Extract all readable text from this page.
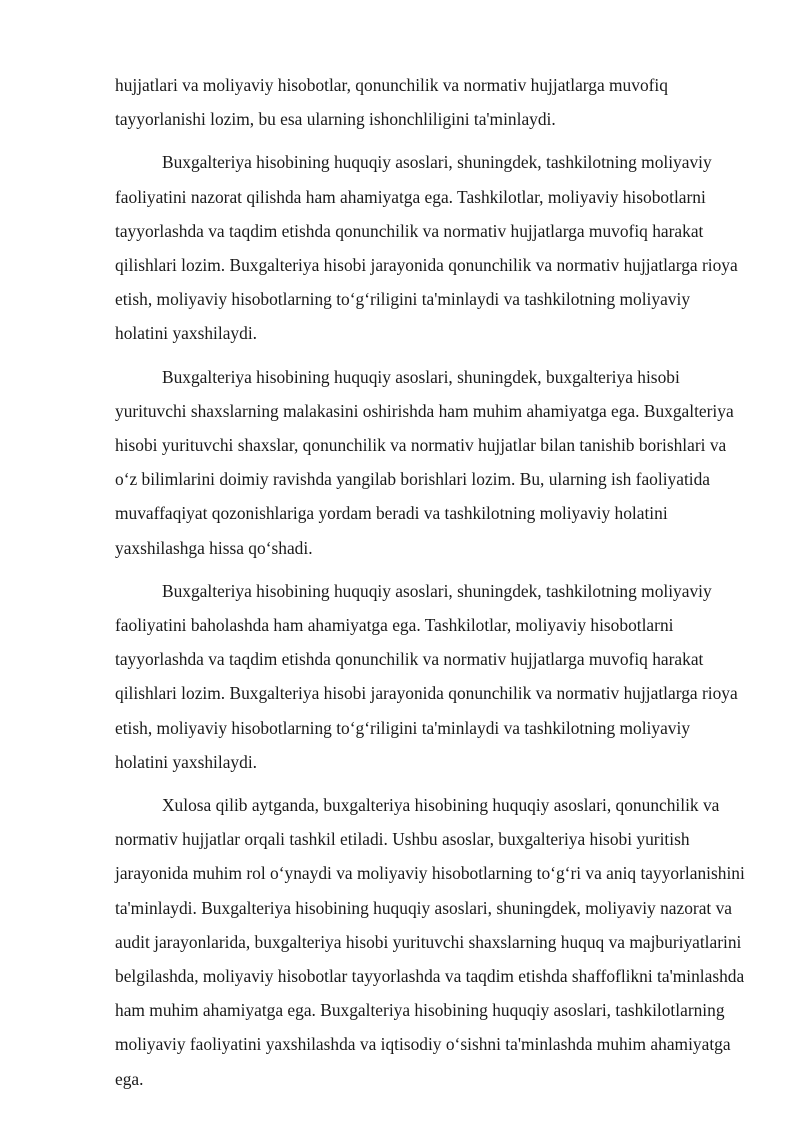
hujjatlari va moliyaviy hisobotlar, qonunchilik va normativ hujjatlarga muvofiq tayyorlanishi lozim, bu esa ularning ishonchliligini ta'minlaydi.

Buxgalteriya hisobining huquqiy asoslari, shuningdek, tashkilotning moliyaviy faoliyatini nazorat qilishda ham ahamiyatga ega. Tashkilotlar, moliyaviy hisobotlarni tayyorlashda va taqdim etishda qonunchilik va normativ hujjatlarga muvofiq harakat qilishlari lozim. Buxgalteriya hisobi jarayonida qonunchilik va normativ hujjatlarga rioya etish, moliyaviy hisobotlarning to‘g‘riligini ta'minlaydi va tashkilotning moliyaviy holatini yaxshilaydi.

Buxgalteriya hisobining huquqiy asoslari, shuningdek, buxgalteriya hisobi yurituvchi shaxslarning malakasini oshirishda ham muhim ahamiyatga ega. Buxgalteriya hisobi yurituvchi shaxslar, qonunchilik va normativ hujjatlar bilan tanishib borishlari va o‘z bilimlarini doimiy ravishda yangilab borishlari lozim. Bu, ularning ish faoliyatida muvaffaqiyat qozonishlariga yordam beradi va tashkilotning moliyaviy holatini yaxshilashga hissa qo‘shadi.

Buxgalteriya hisobining huquqiy asoslari, shuningdek, tashkilotning moliyaviy faoliyatini baholashda ham ahamiyatga ega. Tashkilotlar, moliyaviy hisobotlarni tayyorlashda va taqdim etishda qonunchilik va normativ hujjatlarga muvofiq harakat qilishlari lozim. Buxgalteriya hisobi jarayonida qonunchilik va normativ hujjatlarga rioya etish, moliyaviy hisobotlarning to‘g‘riligini ta'minlaydi va tashkilotning moliyaviy holatini yaxshilaydi.

Xulosa qilib aytganda, buxgalteriya hisobining huquqiy asoslari, qonunchilik va normativ hujjatlar orqali tashkil etiladi. Ushbu asoslar, buxgalteriya hisobi yuritish jarayonida muhim rol o‘ynaydi va moliyaviy hisobotlarning to‘g‘ri va aniq tayyorlanishini ta'minlaydi. Buxgalteriya hisobining huquqiy asoslari, shuningdek, moliyaviy nazorat va audit jarayonlarida, buxgalteriya hisobi yurituvchi shaxslarning huquq va majburiyatlarini belgilashda, moliyaviy hisobotlar tayyorlashda va taqdim etishda shaffoflikni ta'minlashda ham muhim ahamiyatga ega. Buxgalteriya hisobining huquqiy asoslari, tashkilotlarning moliyaviy faoliyatini yaxshilashda va iqtisodiy o‘sishni ta'minlashda muhim ahamiyatga ega.
